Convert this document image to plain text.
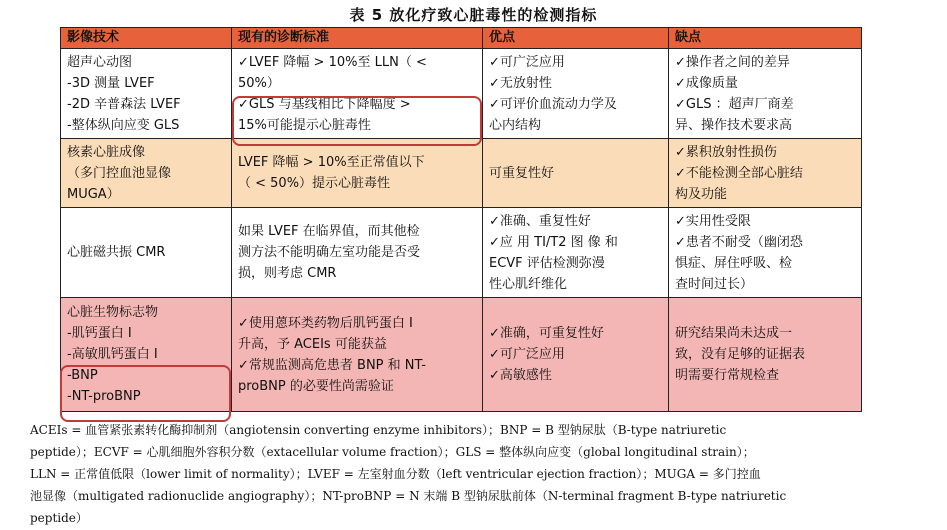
表 5 放化疗致心脏毒性的检测指标
影像技术	现有的诊断标准	优点	缺点

超声心动图
-3D 测量 LVEF
-2D 辛普森法 LVEF
-整体纵向应变 GLS	✓LVEF 降幅 > 10%至 LLN（ <
50%）
✓GLS 与基线相比下降幅度 >
15%可能提示心脏毒性	✓可广泛应用
✓无放射性
✓可评价血流动力学及
心内结构	✓操作者之间的差异
✓成像质量
✓GLS ：超声厂商差
异、操作技术要求高

核素心脏成像
（多门控血池显像
MUGA）	LVEF 降幅 > 10%至正常值以下
（ < 50%）提示心脏毒性	可重复性好	✓累积放射性损伤
✓不能检测全部心脏结
构及功能

心脏磁共振 CMR	如果 LVEF 在临界值，而其他检
测方法不能明确左室功能是否受
损，则考虑 CMR	✓准确、重复性好
✓应 用 TI/T2 图 像 和
ECVF 评估检测弥漫
性心肌纤维化	✓实用性受限
✓患者不耐受（幽闭恐
惧症、屏住呼吸、检
查时间过长）

心脏生物标志物
-肌钙蛋白 I
-高敏肌钙蛋白 I
-BNP
-NT-proBNP	✓使用蒽环类药物后肌钙蛋白 I
升高，予 ACEIs 可能获益
✓常规监测高危患者 BNP 和 NT-
proBNP 的必要性尚需验证	✓准确，可重复性好
✓可广泛应用
✓高敏感性	研究结果尚未达成一
致，没有足够的证据表
明需要行常规检查
ACEIs = 血管紧张素转化酶抑制剂（angiotensin converting enzyme inhibitors）；BNP = B 型钠尿肽（B-type natriuretic
peptide）；ECVF = 心肌细胞外容积分数（extacellular volume fraction）；GLS = 整体纵向应变（global longitudinal strain）；
LLN = 正常值低限（lower limit of normality）；LVEF = 左室射血分数（left ventricular ejection fraction）；MUGA = 多门控血
池显像（multigated radionuclide angiography）；NT-proBNP = N 末端 B 型钠尿肽前体（N-terminal fragment B-type natriuretic
peptide）
